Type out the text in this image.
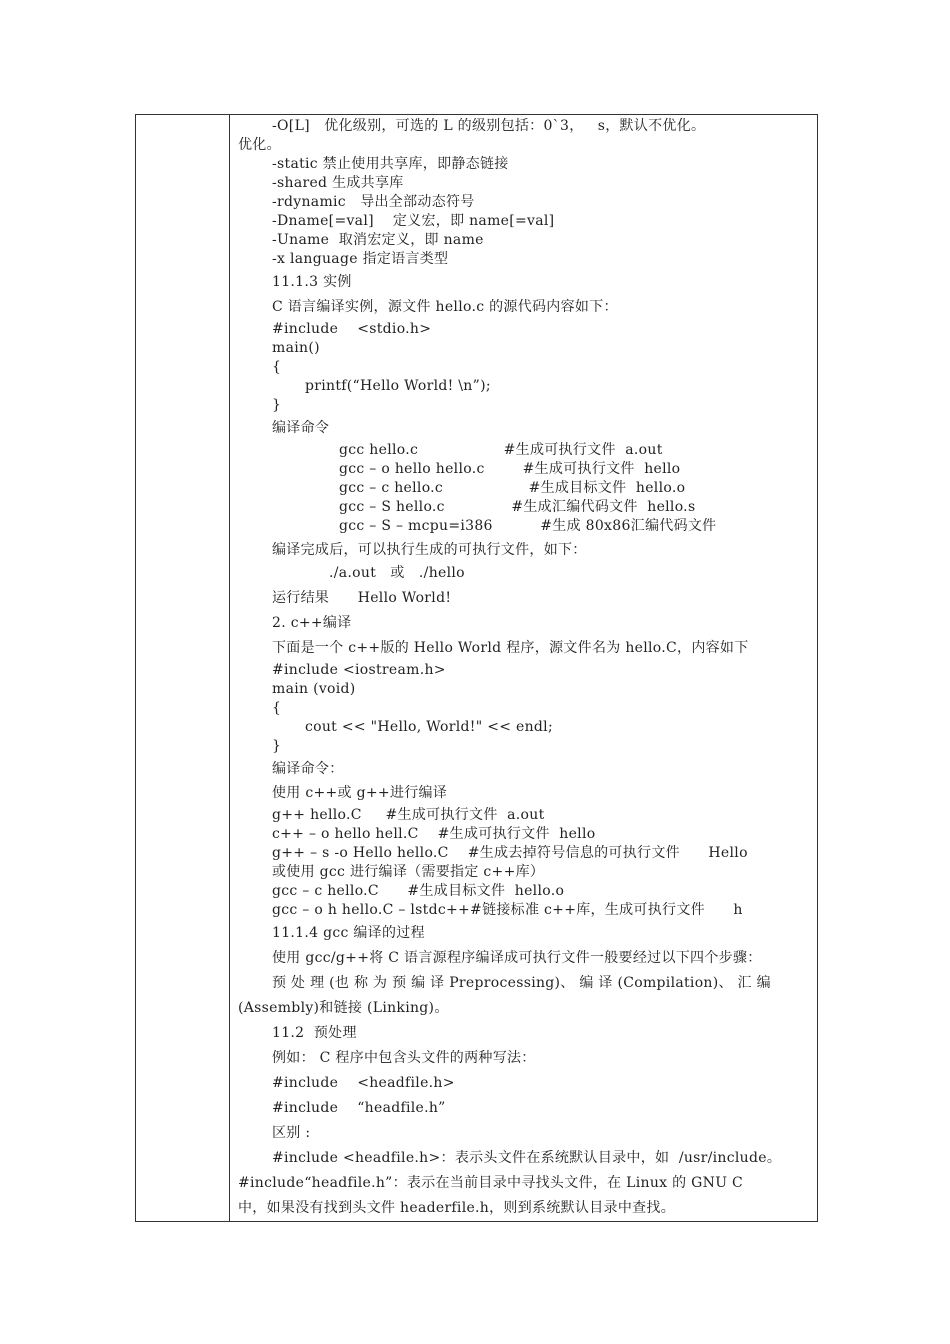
-O[L]   优化级别，可选的 L 的级别包括：0`3，   s，默认不优化。
优化。
-static 禁止使用共享库，即静态链接
-shared 生成共享库
-rdynamic   导出全部动态符号
-Dname[=val]    定义宏，即 name[=val]
-Uname  取消宏定义，即 name
-x language 指定语言类型
11.1.3 实例
C 语言编译实例，源文件 hello.c 的源代码内容如下：
#include    <stdio.h>
main()
{
printf(“Hello World! \n”);
}
编译命令
gcc hello.c                  #生成可执行文件  a.out
gcc – o hello hello.c        #生成可执行文件  hello
gcc – c hello.c                  #生成目标文件  hello.o
gcc – S hello.c              #生成汇编代码文件  hello.s
gcc – S – mcpu=i386          #生成 80x86汇编代码文件
编译完成后，可以执行生成的可执行文件，如下：
./a.out   或   ./hello
运行结果      Hello World!
2. c++编译
下面是一个 c++版的 Hello World 程序，源文件名为 hello.C，内容如下
#include <iostream.h>
main (void)
{
cout << "Hello, World!" << endl;
}
编译命令：
使用 c++或 g++进行编译
g++ hello.C     #生成可执行文件  a.out
c++ – o hello hell.C    #生成可执行文件  hello
g++ – s -o Hello hello.C    #生成去掉符号信息的可执行文件      Hello
或使用 gcc 进行编译（需要指定 c++库）
gcc – c hello.C      #生成目标文件  hello.o
gcc – o h hello.C – lstdc++#链接标准 c++库，生成可执行文件      h
11.1.4 gcc 编译的过程
使用 gcc/g++将 C 语言源程序编译成可执行文件一般要经过以下四个步骤：
预 处 理 (也 称 为 预 编 译 Preprocessing)、 编 译 (Compilation)、 汇 编
(Assembly)和链接 (Linking)。
11.2  预处理
例如： C 程序中包含头文件的两种写法：
#include    <headfile.h>
#include    “headfile.h”
区别 :
#include <headfile.h>：表示头文件在系统默认目录中，如  /usr/include。
#include“headfile.h”：表示在当前目录中寻找头文件，在 Linux 的 GNU C
中，如果没有找到头文件 headerfile.h，则到系统默认目录中查找。
